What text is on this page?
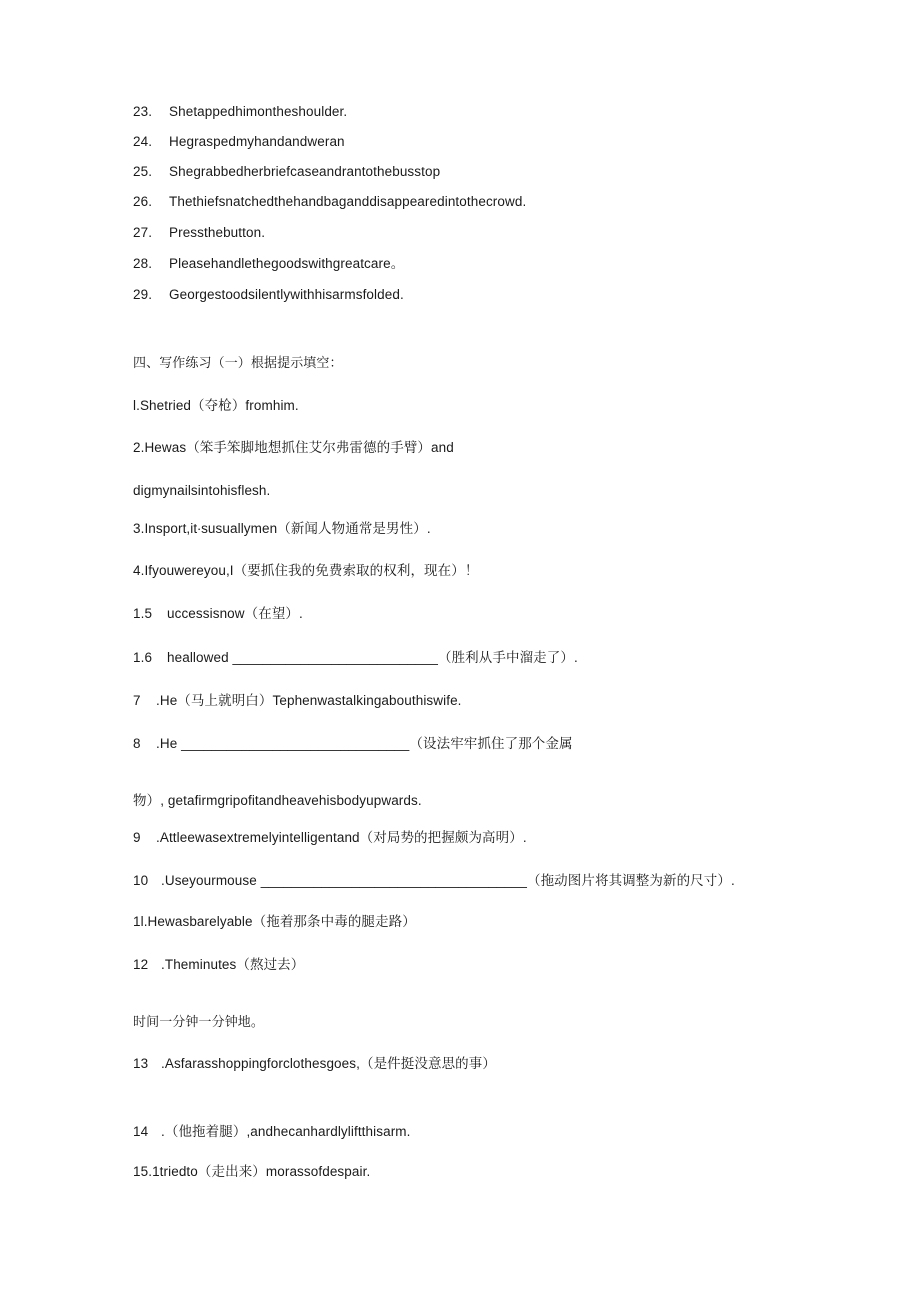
23. Shetappedhimontheshoulder.
24. Hegraspedmyhandandweran
25. Shegrabbedherbriefcaseandrantothebusstop
26. Thethiefsnatchedthehandbaganddisappearedintothecrowd.
27. Pressthebutton.
28. Pleasehandlethegoodswithgreatcare。
29. Georgestoodsilentlywithhisarmsfolded.
四、写作练习（一）根据提示填空：
l.Shetried（夺枪）fromhim.
2.Hewas（笨手笨脚地想抓住艾尔弗雷德的手臂）and
digmynailsintohisflesh.
3.Insport,it∙susuallymen（新闻人物通常是男性）.
4.Ifyouwereyou,I（要抓住我的免费索取的权利，现在）！
1.5 uccessisnow（在望）.
1.6 heallowed ___________________________（胜利从手中溜走了）.
7 .He（马上就明白）Tephenwastalkingabouthiswife.
8 .He ______________________________（设法牢牢抓住了那个金属
物）, getafirmgripofitandheavehisbodyupwards.
9 .Attleewasextremelyintelligentand（对局势的把握颇为高明）.
10 .Useyourmouse ___________________________________（拖动图片将其调整为新的尺寸）.
1l.Hewasbarelyable（拖着那条中毒的腿走路）
12 .Theminutes（熬过去）
时间一分钟一分钟地。
13 .Asfarasshoppingforclothesgoes,（是件挺没意思的事）
14 .（他拖着腿）,andhecanhardlyliftthisarm.
15.1triedto（走出来）morassofdespair.
